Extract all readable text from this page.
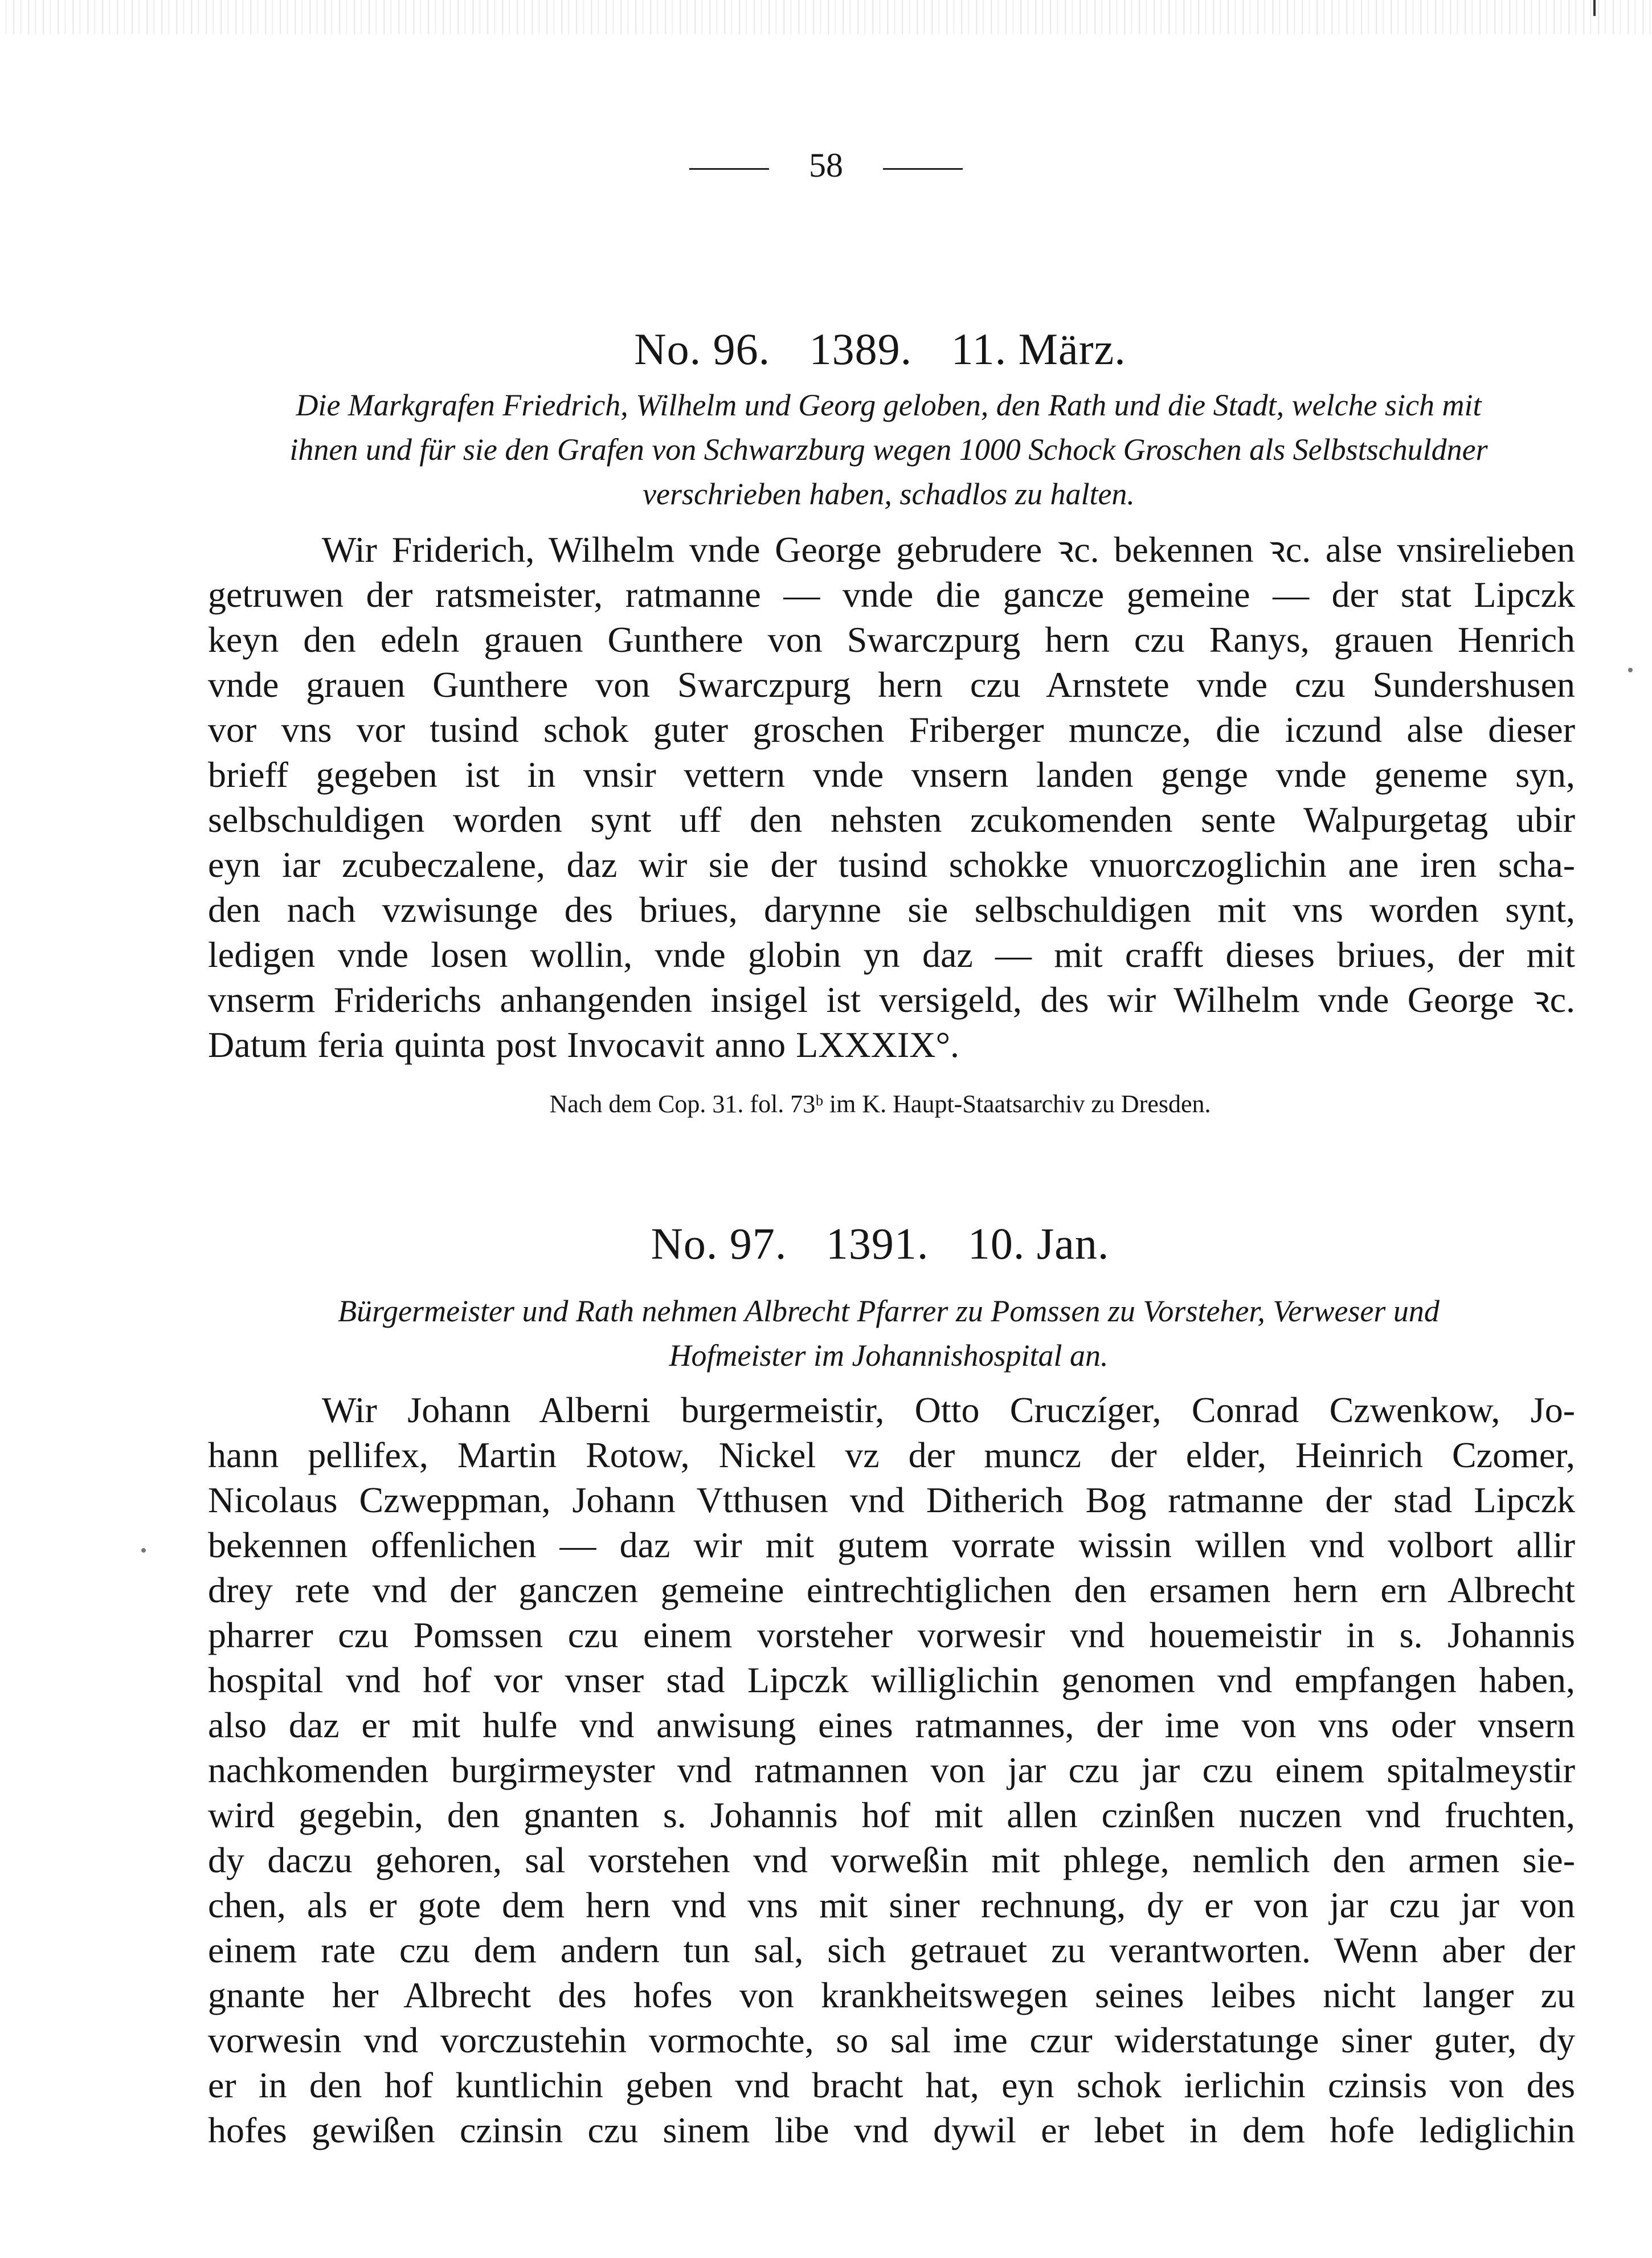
58
No. 96. 1389. 11. März.
Die Markgrafen Friedrich, Wilhelm und Georg geloben, den Rath und die Stadt, welche sich mit
ihnen und für sie den Grafen von Schwarzburg wegen 1000 Schock Groschen als Selbstschuldner
verschrieben haben, schadlos zu halten.
Wir Friderich, Wilhelm vnde George gebrudere ꝛc. bekennen ꝛc. alse vnsirelieben
getruwen der ratsmeister, ratmanne — vnde die gancze gemeine — der stat Lipczk
keyn den edeln grauen Gunthere von Swarczpurg hern czu Ranys, grauen Henrich
vnde grauen Gunthere von Swarczpurg hern czu Arnstete vnde czu Sundershusen
vor vns vor tusind schok guter groschen Friberger muncze, die iczund alse dieser
brieff gegeben ist in vnsir vettern vnde vnsern landen genge vnde geneme syn,
selbschuldigen worden synt uff den nehsten zcukomenden sente Walpurgetag ubir
eyn iar zcubeczalene, daz wir sie der tusind schokke vnuorczoglichin ane iren scha-
den nach vzwisunge des briues, darynne sie selbschuldigen mit vns worden synt,
ledigen vnde losen wollin, vnde globin yn daz — mit crafft dieses briues, der mit
vnserm Friderichs anhangenden insigel ist versigeld, des wir Wilhelm vnde George ꝛc.
Datum feria quinta post Invocavit anno LXXXIX°.
Nach dem Cop. 31. fol. 73ᵇ im K. Haupt-Staatsarchiv zu Dresden.
No. 97. 1391. 10. Jan.
Bürgermeister und Rath nehmen Albrecht Pfarrer zu Pomssen zu Vorsteher, Verweser und
Hofmeister im Johannishospital an.
Wir Johann Alberni burgermeistir, Otto Cruczíger, Conrad Czwenkow, Jo-
hann pellifex, Martin Rotow, Nickel vz der muncz der elder, Heinrich Czomer,
Nicolaus Czweppman, Johann Vtthusen vnd Ditherich Bog ratmanne der stad Lipczk
bekennen offenlichen — daz wir mit gutem vorrate wissin willen vnd volbort allir
drey rete vnd der ganczen gemeine eintrechtiglichen den ersamen hern ern Albrecht
pharrer czu Pomssen czu einem vorsteher vorwesir vnd houemeistir in s. Johannis
hospital vnd hof vor vnser stad Lipczk williglichin genomen vnd empfangen haben,
also daz er mit hulfe vnd anwisung eines ratmannes, der ime von vns oder vnsern
nachkomenden burgirmeyster vnd ratmannen von jar czu jar czu einem spitalmeystir
wird gegebin, den gnanten s. Johannis hof mit allen czinßen nuczen vnd fruchten,
dy daczu gehoren, sal vorstehen vnd vorweßin mit phlege, nemlich den armen sie-
chen, als er gote dem hern vnd vns mit siner rechnung, dy er von jar czu jar von
einem rate czu dem andern tun sal, sich getrauet zu verantworten. Wenn aber der
gnante her Albrecht des hofes von krankheitswegen seines leibes nicht langer zu
vorwesin vnd vorczustehin vormochte, so sal ime czur widerstatunge siner guter, dy
er in den hof kuntlichin geben vnd bracht hat, eyn schok ierlichin czinsis von des
hofes gewißen czinsin czu sinem libe vnd dywil er lebet in dem hofe lediglichin
